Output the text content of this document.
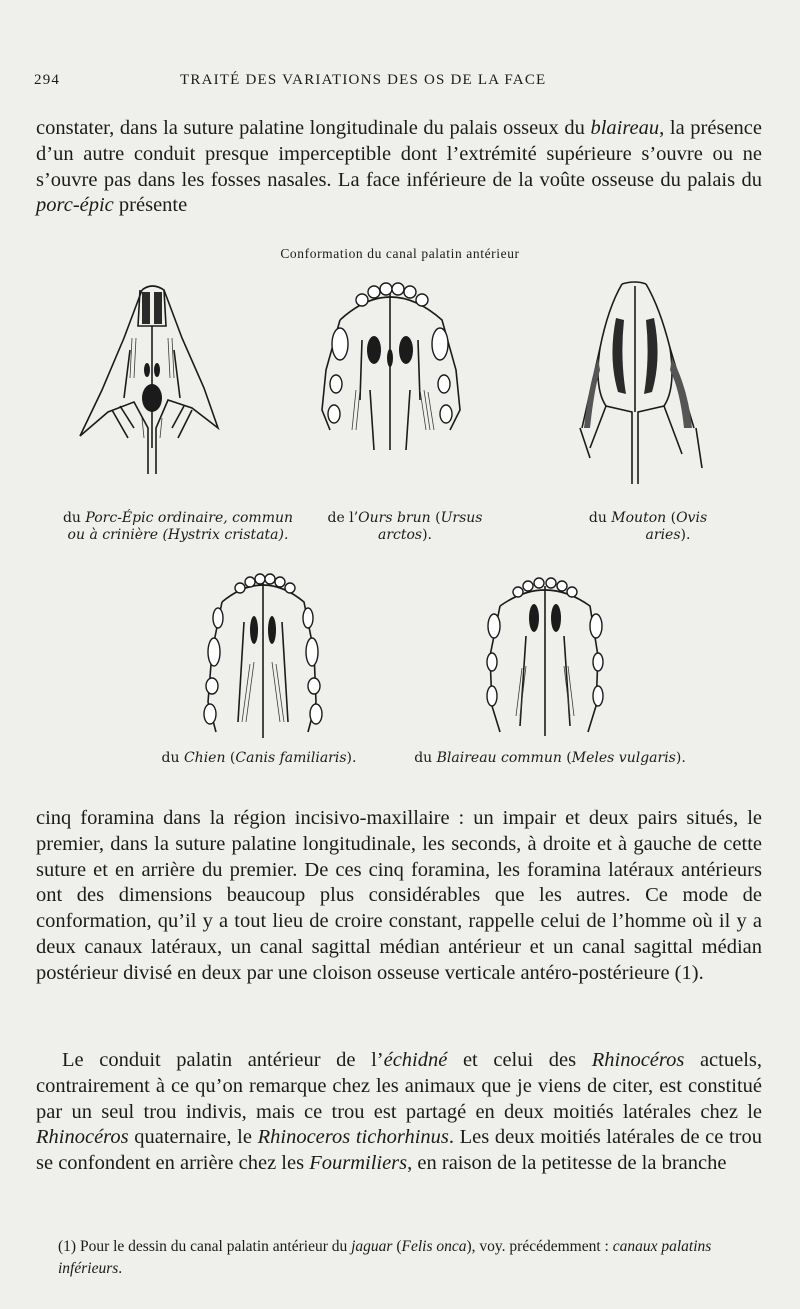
294	TRAITÉ DES VARIATIONS DES OS DE LA FACE

constater, dans la suture palatine longitudinale du palais osseux du blaireau, la présence d’un autre conduit presque imperceptible dont l’extrémité supérieure s’ouvre ou ne s’ouvre pas dans les fosses nasales. La face inférieure de la voûte osseuse du palais du porc-épic présente

Conformation du canal palatin antérieur
du Porc-Épic ordinaire, commun
ou à crinière (Hystrix cristata).
de l’Ours brun (Ursus
arctos).
du Mouton (Ovis
aries).
du Chien (Canis familiaris).	du Blaireau commun (Meles vulgaris).

cinq foramina dans la région incisivo-maxillaire : un impair et deux pairs situés, le premier, dans la suture palatine longitudinale, les seconds, à droite et à gauche de cette suture et en arrière du premier. De ces cinq foramina, les foramina latéraux antérieurs ont des dimensions beaucoup plus considérables que les autres. Ce mode de conformation, qu’il y a tout lieu de croire constant, rappelle celui de l’homme où il y a deux canaux latéraux, un canal sagittal médian antérieur et un canal sagittal médian postérieur divisé en deux par une cloison osseuse verticale antéro-postérieure (1).

Le conduit palatin antérieur de l’échidné et celui des Rhinocéros actuels, contrairement à ce qu’on remarque chez les animaux que je viens de citer, est constitué par un seul trou indivis, mais ce trou est partagé en deux moitiés latérales chez le Rhinocéros quaternaire, le Rhinoceros tichorhinus. Les deux moitiés latérales de ce trou se confondent en arrière chez les Fourmiliers, en raison de la petitesse de la branche

(1) Pour le dessin du canal palatin antérieur du jaguar (Felis onca), voy. précédemment : canaux palatins inférieurs.
